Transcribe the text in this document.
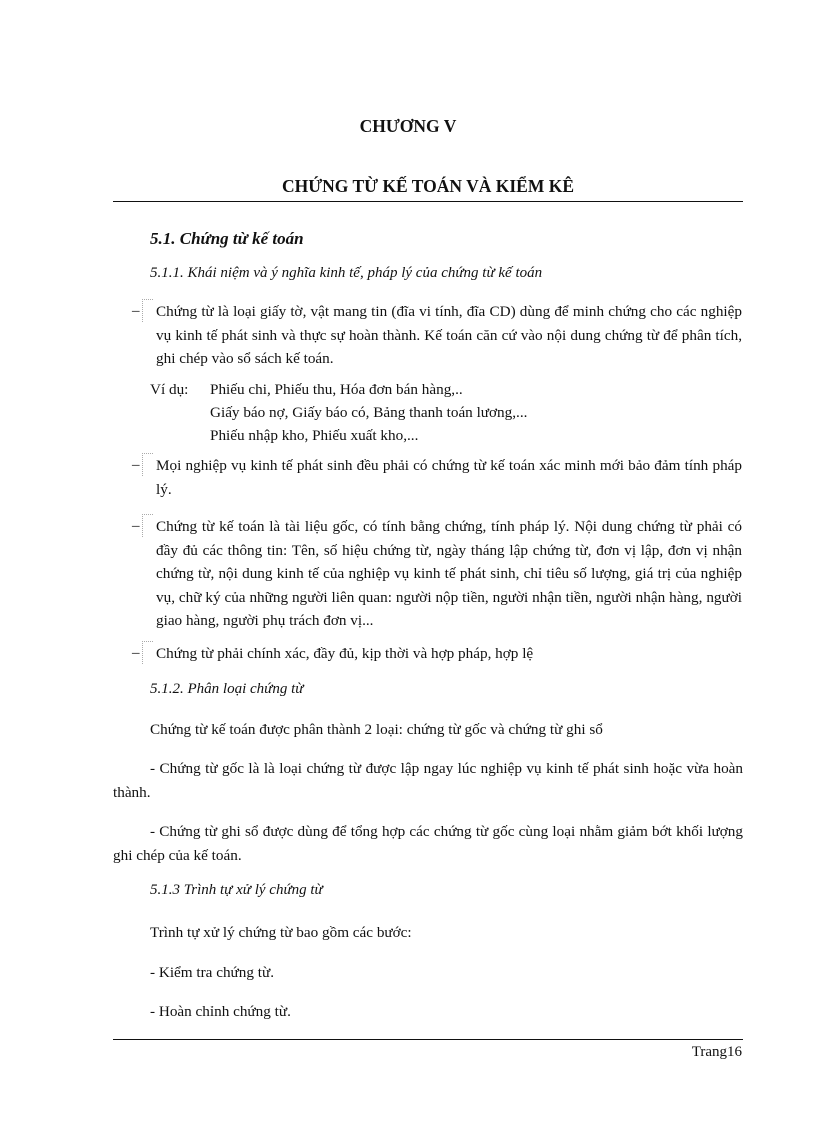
CHƯƠNG V
CHỨNG TỪ KẾ TOÁN VÀ KIỂM KÊ
5.1. Chứng từ kế toán
5.1.1. Khái niệm và ý nghĩa kinh tế, pháp lý của chứng từ kế toán
– Chứng từ là loại giấy tờ, vật mang tin (đĩa vi tính, đĩa CD) dùng để minh chứng cho các nghiệp vụ kinh tế phát sinh và thực sự hoàn thành. Kế toán căn cứ vào nội dung chứng từ để phân tích, ghi chép vào sổ sách kế toán.
Ví dụ: Phiếu chi, Phiếu thu, Hóa đơn bán hàng,..
Giấy báo nợ, Giấy báo có, Bảng thanh toán lương,...
Phiếu nhập kho, Phiếu xuất kho,...
– Mọi nghiệp vụ kinh tế phát sinh đều phải có chứng từ kế toán xác minh mới bảo đảm tính pháp lý.
– Chứng từ kế toán là tài liệu gốc, có tính bằng chứng, tính pháp lý. Nội dung chứng từ phải có đầy đủ các thông tin: Tên, số hiệu chứng từ, ngày tháng lập chứng từ, đơn vị lập, đơn vị nhận chứng từ, nội dung kinh tế của nghiệp vụ kinh tế phát sinh, chỉ tiêu số lượng, giá trị của nghiệp vụ, chữ ký của những người liên quan: người nộp tiền, người nhận tiền, người nhận hàng, người giao hàng, người phụ trách đơn vị...
– Chứng từ phải chính xác, đầy đủ, kịp thời và hợp pháp, hợp lệ
5.1.2. Phân loại chứng từ
Chứng từ kế toán được phân thành 2 loại: chứng từ gốc và chứng từ ghi sổ
- Chứng từ gốc là là loại chứng từ được lập ngay lúc nghiệp vụ kinh tế phát sinh hoặc vừa hoàn thành.
- Chứng từ ghi sổ được dùng để tổng hợp các chứng từ gốc cùng loại nhằm giảm bớt khối lượng ghi chép của kế toán.
5.1.3 Trình tự xử lý chứng từ
Trình tự xử lý chứng từ bao gồm các bước:
- Kiểm tra chứng từ.
- Hoàn chỉnh chứng từ.
Trang16
